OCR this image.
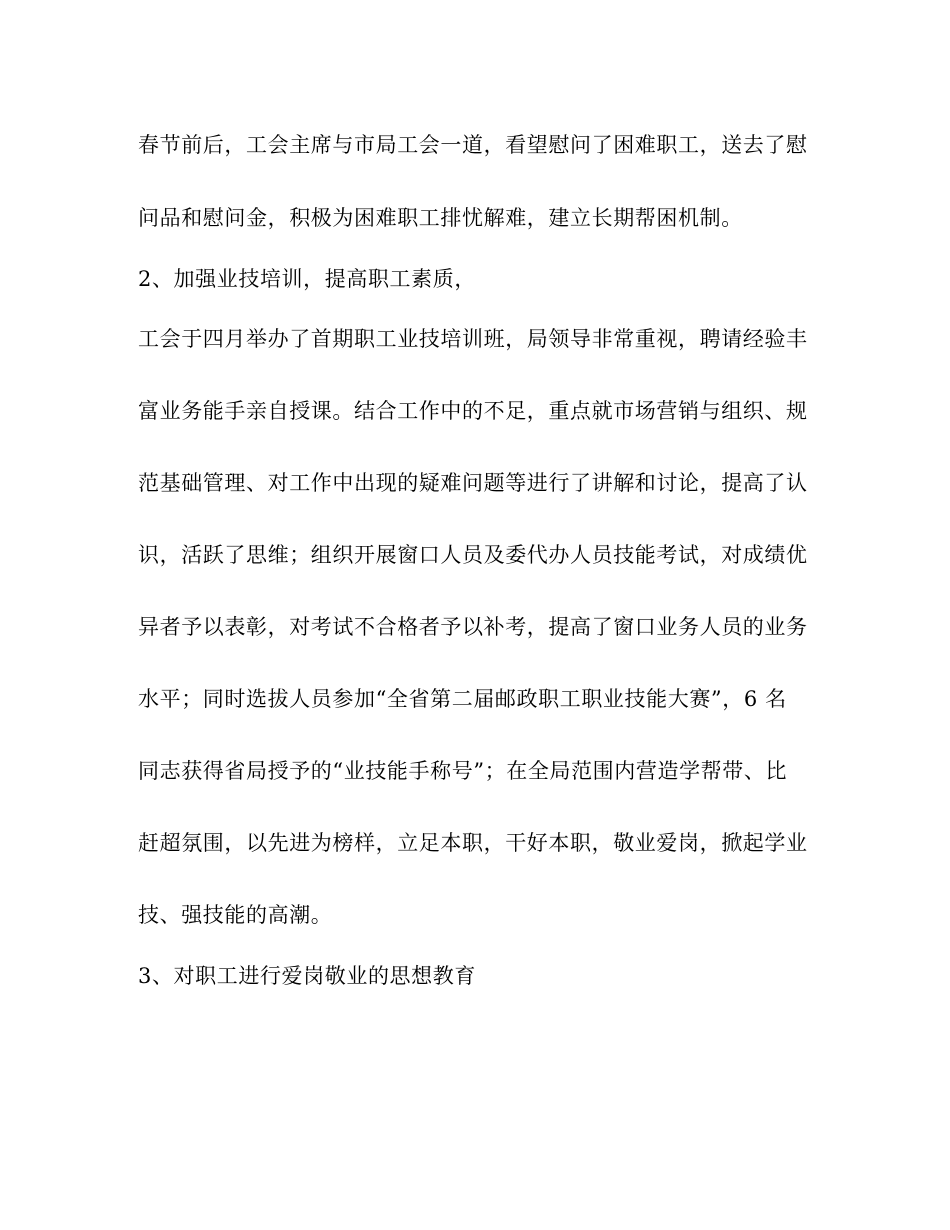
春节前后，工会主席与市局工会一道，看望慰问了困难职工，送去了慰
问品和慰问金，积极为困难职工排忧解难，建立长期帮困机制。
2、加强业技培训，提高职工素质，
工会于四月举办了首期职工业技培训班，局领导非常重视，聘请经验丰
富业务能手亲自授课。结合工作中的不足，重点就市场营销与组织、规
范基础管理、对工作中出现的疑难问题等进行了讲解和讨论，提高了认
识，活跃了思维；组织开展窗口人员及委代办人员技能考试，对成绩优
异者予以表彰，对考试不合格者予以补考，提高了窗口业务人员的业务
水平；同时选拔人员参加“全省第二届邮政职工职业技能大赛”，6 名
同志获得省局授予的“业技能手称号”；在全局范围内营造学帮带、比
赶超氛围，以先进为榜样，立足本职，干好本职，敬业爱岗，掀起学业
技、强技能的高潮。
3、对职工进行爱岗敬业的思想教育
